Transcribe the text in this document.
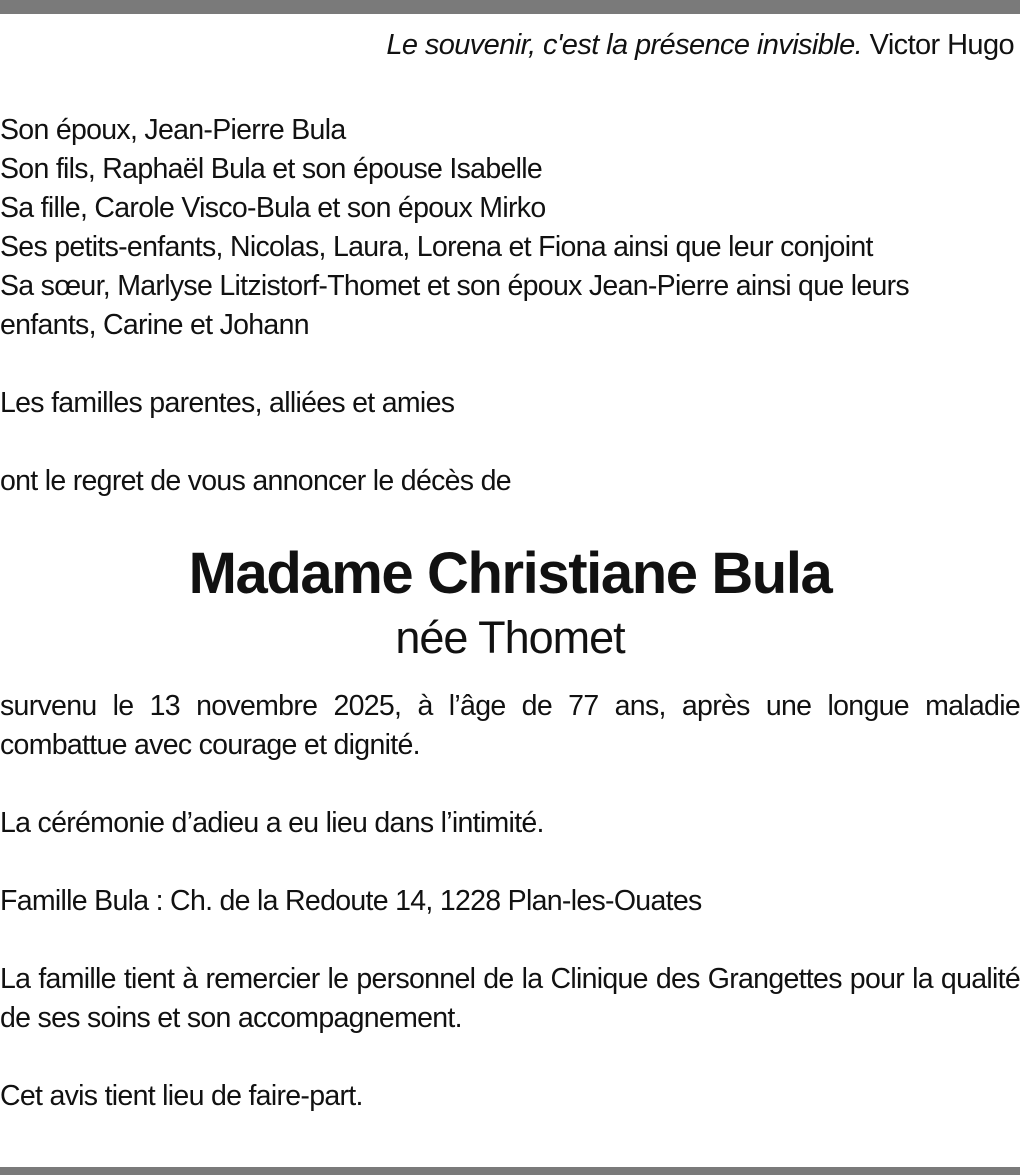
Le souvenir, c'est la présence invisible. Victor Hugo
Son époux, Jean-Pierre Bula
Son fils, Raphaël Bula et son épouse Isabelle
Sa fille, Carole Visco-Bula et son époux Mirko
Ses petits-enfants, Nicolas, Laura, Lorena et Fiona ainsi que leur conjoint
Sa sœur, Marlyse Litzistorf-Thomet et son époux Jean-Pierre ainsi que leurs
enfants, Carine et Johann
Les familles parentes, alliées et amies
ont le regret de vous annoncer le décès de
Madame Christiane Bula
née Thomet
survenu le 13 novembre 2025, à l’âge de 77 ans, après une longue maladie combattue avec courage et dignité.
La cérémonie d’adieu a eu lieu dans l’intimité.
Famille Bula : Ch. de la Redoute 14, 1228 Plan-les-Ouates
La famille tient à remercier le personnel de la Clinique des Grangettes pour la qualité de ses soins et son accompagnement.
Cet avis tient lieu de faire-part.
